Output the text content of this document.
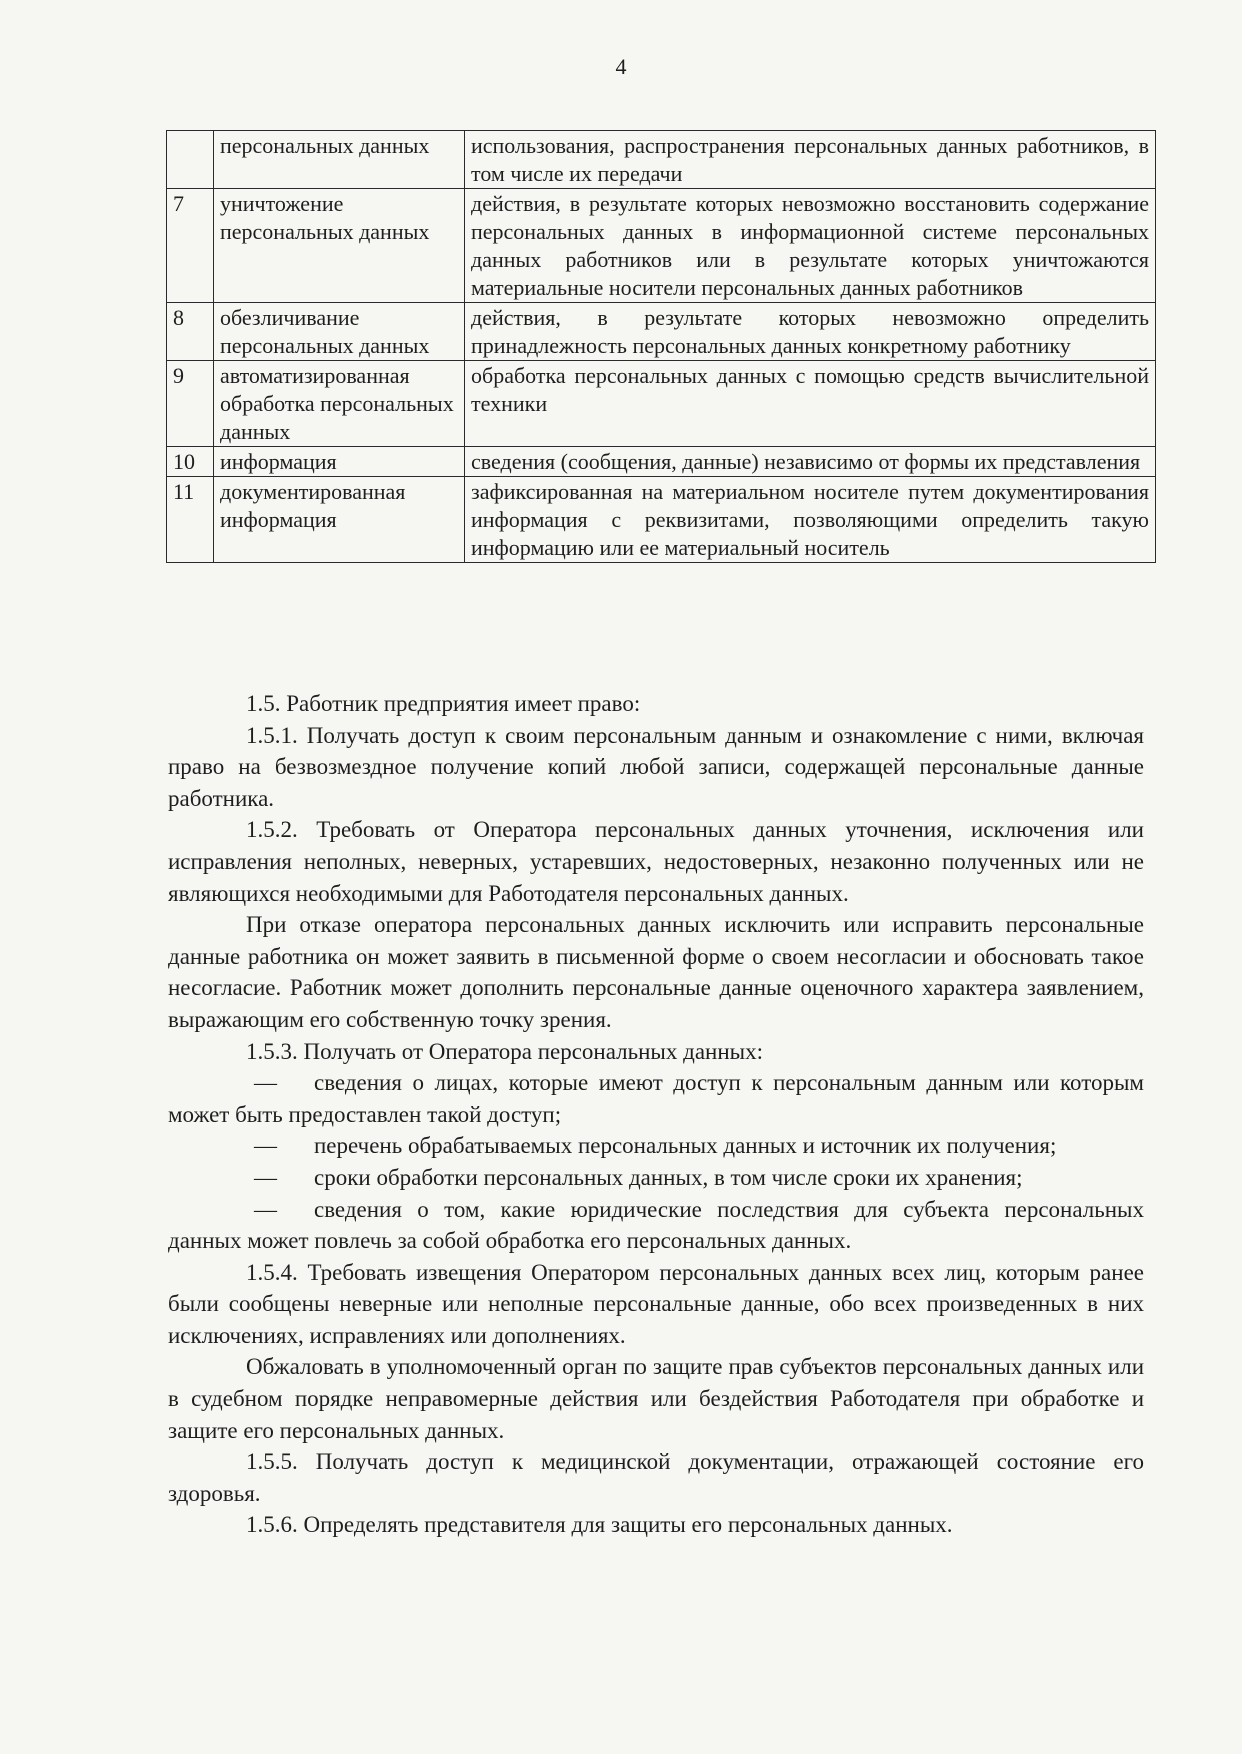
4
	персональных данных	использования, распространения персональных данных работников, в том числе их передачи
7	уничтожение персональных данных	действия, в результате которых невозможно восстановить содержание персональных данных в информационной системе персональных данных работников или в результате которых уничтожаются материальные носители персональных данных работников
8	обезличивание персональных данных	действия, в результате которых невозможно определить принадлежность персональных данных конкретному работнику
9	автоматизированная обработка персональных данных	обработка персональных данных с помощью средств вычислительной техники
10	информация	сведения (сообщения, данные) независимо от формы их представления
11	документированная информация	зафиксированная на материальном носителе путем документирования информация с реквизитами, позволяющими определить такую информацию или ее материальный носитель

1.5. Работник предприятия имеет право:

1.5.1. Получать доступ к своим персональным данным и ознакомление с ними, включая право на безвозмездное получение копий любой записи, содержащей персональные данные работника.

1.5.2. Требовать от Оператора персональных данных уточнения, исключения или исправления неполных, неверных, устаревших, недостоверных, незаконно полученных или не являющихся необходимыми для Работодателя персональных данных.

При отказе оператора персональных данных исключить или исправить персональные данные работника он может заявить в письменной форме о своем несогласии и обосновать такое несогласие. Работник может дополнить персональные данные оценочного характера заявлением, выражающим его собственную точку зрения.

1.5.3. Получать от Оператора персональных данных:

— сведения о лицах, которые имеют доступ к персональным данным или которым может быть предоставлен такой доступ;

— перечень обрабатываемых персональных данных и источник их получения;

— сроки обработки персональных данных, в том числе сроки их хранения;

— сведения о том, какие юридические последствия для субъекта персональных данных может повлечь за собой обработка его персональных данных.

1.5.4. Требовать извещения Оператором персональных данных всех лиц, которым ранее были сообщены неверные или неполные персональные данные, обо всех произведенных в них исключениях, исправлениях или дополнениях.

Обжаловать в уполномоченный орган по защите прав субъектов персональных данных или в судебном порядке неправомерные действия или бездействия Работодателя при обработке и защите его персональных данных.

1.5.5. Получать доступ к медицинской документации, отражающей состояние его здоровья.

1.5.6. Определять представителя для защиты его персональных данных.
